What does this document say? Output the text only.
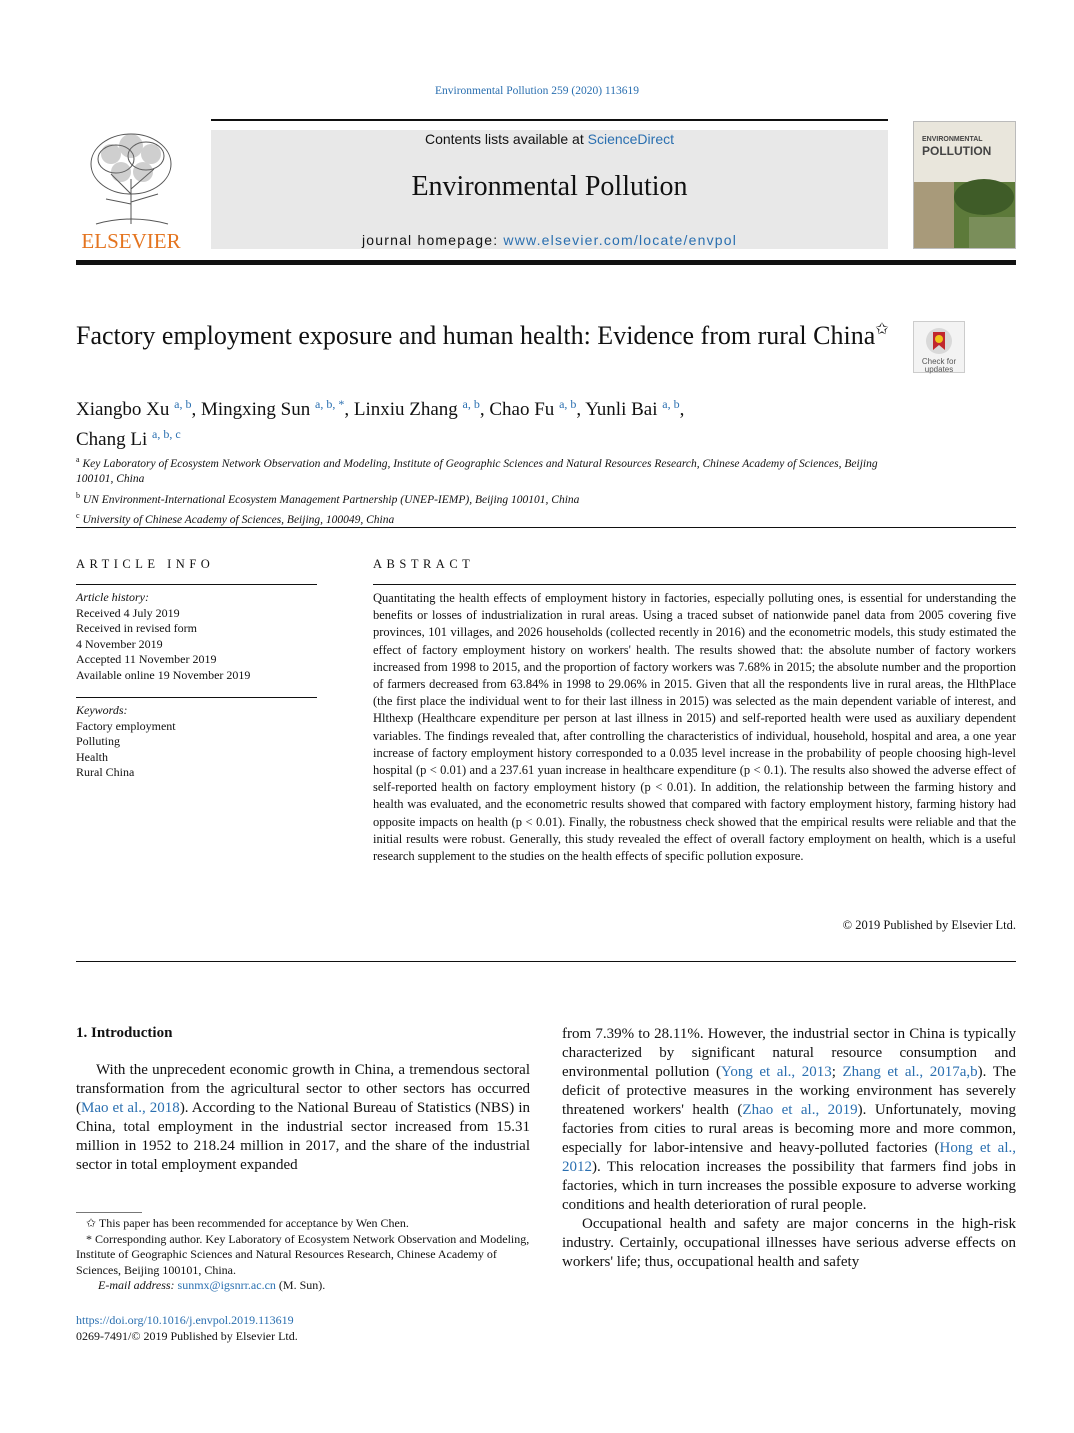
Environmental Pollution 259 (2020) 113619
ELSEVIER
Contents lists available at ScienceDirect
Environmental Pollution
journal homepage: www.elsevier.com/locate/envpol
ENVIRONMENTAL
POLLUTION
Factory employment exposure and human health: Evidence from rural China✩
Check for
updates
Xiangbo Xu $^{a, b}$, Mingxing Sun $^{a, b, *}$, Linxiu Zhang $^{a, b}$, Chao Fu $^{a, b}$, Yunli Bai $^{a, b}$,
Chang Li $^{a, b, c}$
$^a$ Key Laboratory of Ecosystem Network Observation and Modeling, Institute of Geographic Sciences and Natural Resources Research, Chinese Academy of Sciences, Beijing 100101, China
$^b$ UN Environment-International Ecosystem Management Partnership (UNEP-IEMP), Beijing 100101, China
$^c$ University of Chinese Academy of Sciences, Beijing, 100049, China
ARTICLE INFO
Article history:
Received 4 July 2019
Received in revised form
4 November 2019
Accepted 11 November 2019
Available online 19 November 2019
Keywords:
Factory employment
Polluting
Health
Rural China
ABSTRACT
Quantitating the health effects of employment history in factories, especially polluting ones, is essential for understanding the benefits or losses of industrialization in rural areas. Using a traced subset of nationwide panel data from 2005 covering five provinces, 101 villages, and 2026 households (collected recently in 2016) and the econometric models, this study estimated the effect of factory employment history on workers' health. The results showed that: the absolute number of factory workers increased from 1998 to 2015, and the proportion of factory workers was 7.68% in 2015; the absolute number and the proportion of farmers decreased from 63.84% in 1998 to 29.06% in 2015. Given that all the respondents live in rural areas, the HlthPlace (the first place the individual went to for their last illness in 2015) was selected as the main dependent variable of interest, and Hlthexp (Healthcare expenditure per person at last illness in 2015) and self-reported health were used as auxiliary dependent variables. The findings revealed that, after controlling the characteristics of individual, household, hospital and area, a one year increase of factory employment history corresponded to a 0.035 level increase in the probability of people choosing high-level hospital (p < 0.01) and a 237.61 yuan increase in healthcare expenditure (p < 0.1). The results also showed the adverse effect of self-reported health on factory employment history (p < 0.01). In addition, the relationship between the farming history and health was evaluated, and the econometric results showed that compared with factory employment history, farming history had opposite impacts on health (p < 0.01). Finally, the robustness check showed that the empirical results were reliable and that the initial results were robust. Generally, this study revealed the effect of overall factory employment on health, which is a useful research supplement to the studies on the health effects of specific pollution exposure.
© 2019 Published by Elsevier Ltd.
1. Introduction

With the unprecedent economic growth in China, a tremendous sectoral transformation from the agricultural sector to other sectors has occurred (Mao et al., 2018). According to the National Bureau of Statistics (NBS) in China, total employment in the industrial sector increased from 15.31 million in 1952 to 218.24 million in 2017, and the share of the industrial sector in total employment expanded

from 7.39% to 28.11%. However, the industrial sector in China is typically characterized by significant natural resource consumption and environmental pollution (Yong et al., 2013; Zhang et al., 2017a,b). The deficit of protective measures in the working environment has severely threatened workers' health (Zhao et al., 2019). Unfortunately, moving factories from cities to rural areas is becoming more and more common, especially for labor-intensive and heavy-polluted factories (Hong et al., 2012). This relocation increases the possibility that farmers find jobs in factories, which in turn increases the possible exposure to adverse working conditions and health deterioration of rural people.

Occupational health and safety are major concerns in the high-risk industry. Certainly, occupational illnesses have serious adverse effects on workers' life; thus, occupational health and safety

✩ This paper has been recommended for acceptance by Wen Chen.

* Corresponding author. Key Laboratory of Ecosystem Network Observation and Modeling, Institute of Geographic Sciences and Natural Resources Research, Chinese Academy of Sciences, Beijing 100101, China.

E-mail address: sunmx@igsnrr.ac.cn (M. Sun).

https://doi.org/10.1016/j.envpol.2019.113619
0269-7491/© 2019 Published by Elsevier Ltd.
